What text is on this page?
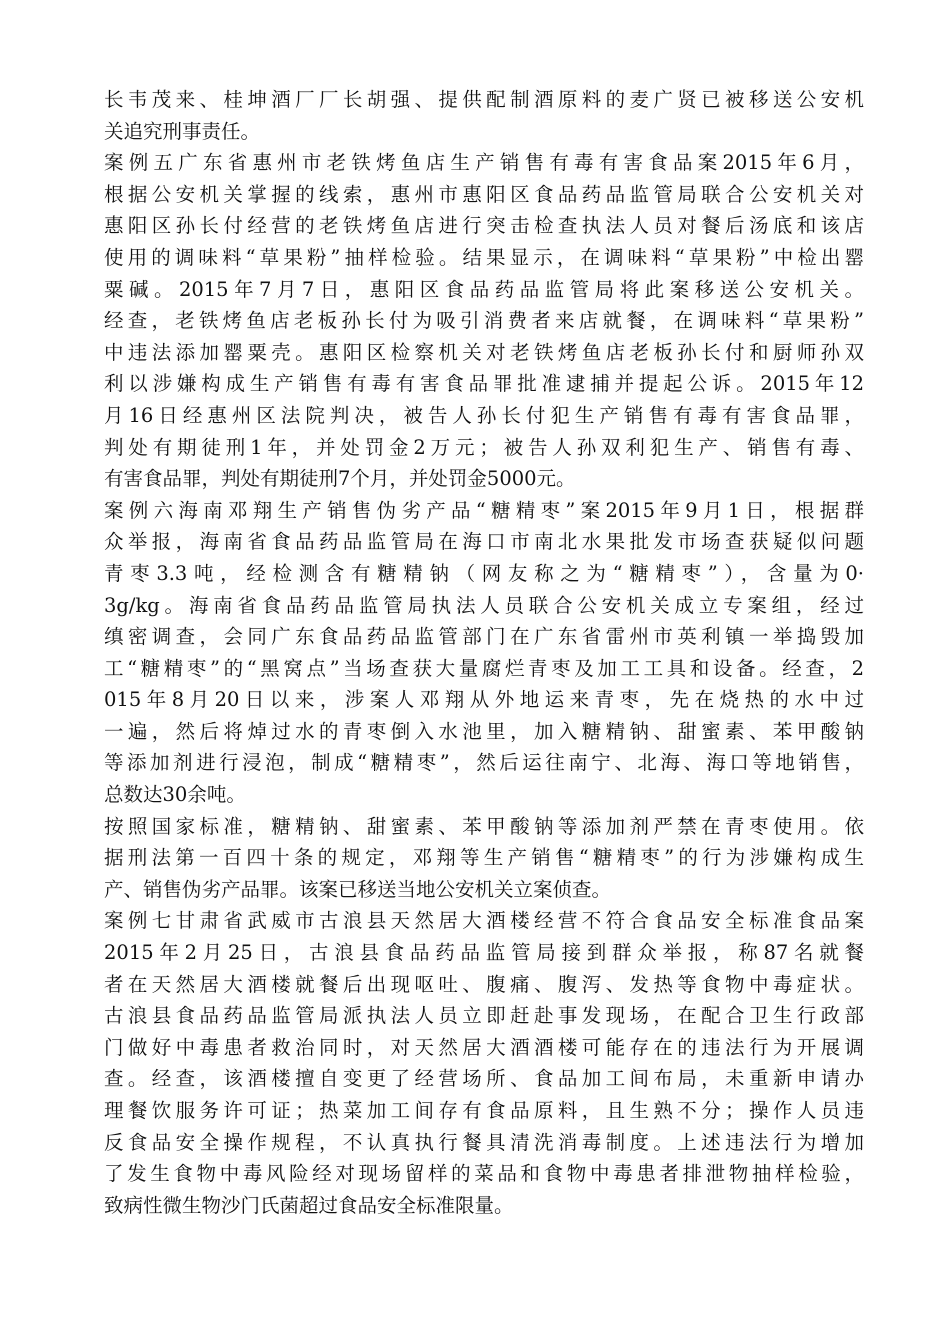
长韦茂来、桂坤酒厂厂长胡强、提供配制酒原料的麦广贤已被移送公安机
关追究刑事责任。
案例五广东省惠州市老铁烤鱼店生产销售有毒有害食品案2015年6月，
根据公安机关掌握的线索，惠州市惠阳区食品药品监管局联合公安机关对
惠阳区孙长付经营的老铁烤鱼店进行突击检查执法人员对餐后汤底和该店
使用的调味料“草果粉”抽样检验。结果显示，在调味料“草果粉”中检出罂
粟碱。2015年7月7日，惠阳区食品药品监管局将此案移送公安机关。
经查，老铁烤鱼店老板孙长付为吸引消费者来店就餐，在调味料“草果粉”
中违法添加罂粟壳。惠阳区检察机关对老铁烤鱼店老板孙长付和厨师孙双
利以涉嫌构成生产销售有毒有害食品罪批准逮捕并提起公诉。2015年12
月16日经惠州区法院判决，被告人孙长付犯生产销售有毒有害食品罪，
判处有期徒刑1年，并处罚金2万元；被告人孙双利犯生产、销售有毒、
有害食品罪，判处有期徒刑7个月，并处罚金5000元。
案例六海南邓翔生产销售伪劣产品“糖精枣”案2015年9月1日，根据群
众举报，海南省食品药品监管局在海口市南北水果批发市场查获疑似问题
青枣3.3吨，经检测含有糖精钠（网友称之为“糖精枣”），含量为0·
3g/kg。海南省食品药品监管局执法人员联合公安机关成立专案组，经过
缜密调查，会同广东食品药品监管部门在广东省雷州市英利镇一举捣毁加
工“糖精枣”的“黑窝点”当场查获大量腐烂青枣及加工工具和设备。经查，2
015年8月20日以来，涉案人邓翔从外地运来青枣，先在烧热的水中过
一遍，然后将焯过水的青枣倒入水池里，加入糖精钠、甜蜜素、苯甲酸钠
等添加剂进行浸泡，制成“糖精枣”，然后运往南宁、北海、海口等地销售，
总数达30余吨。
按照国家标准，糖精钠、甜蜜素、苯甲酸钠等添加剂严禁在青枣使用。依
据刑法第一百四十条的规定，邓翔等生产销售“糖精枣”的行为涉嫌构成生
产、销售伪劣产品罪。该案已移送当地公安机关立案侦查。
案例七甘肃省武威市古浪县天然居大酒楼经营不符合食品安全标准食品案
2015年2月25日，古浪县食品药品监管局接到群众举报，称87名就餐
者在天然居大酒楼就餐后出现呕吐、腹痛、腹泻、发热等食物中毒症状。
古浪县食品药品监管局派执法人员立即赶赴事发现场，在配合卫生行政部
门做好中毒患者救治同时，对天然居大酒酒楼可能存在的违法行为开展调
查。经查，该酒楼擅自变更了经营场所、食品加工间布局，未重新申请办
理餐饮服务许可证；热菜加工间存有食品原料，且生熟不分；操作人员违
反食品安全操作规程，不认真执行餐具清洗消毒制度。上述违法行为增加
了发生食物中毒风险经对现场留样的菜品和食物中毒患者排泄物抽样检验，
致病性微生物沙门氏菌超过食品安全标准限量。
